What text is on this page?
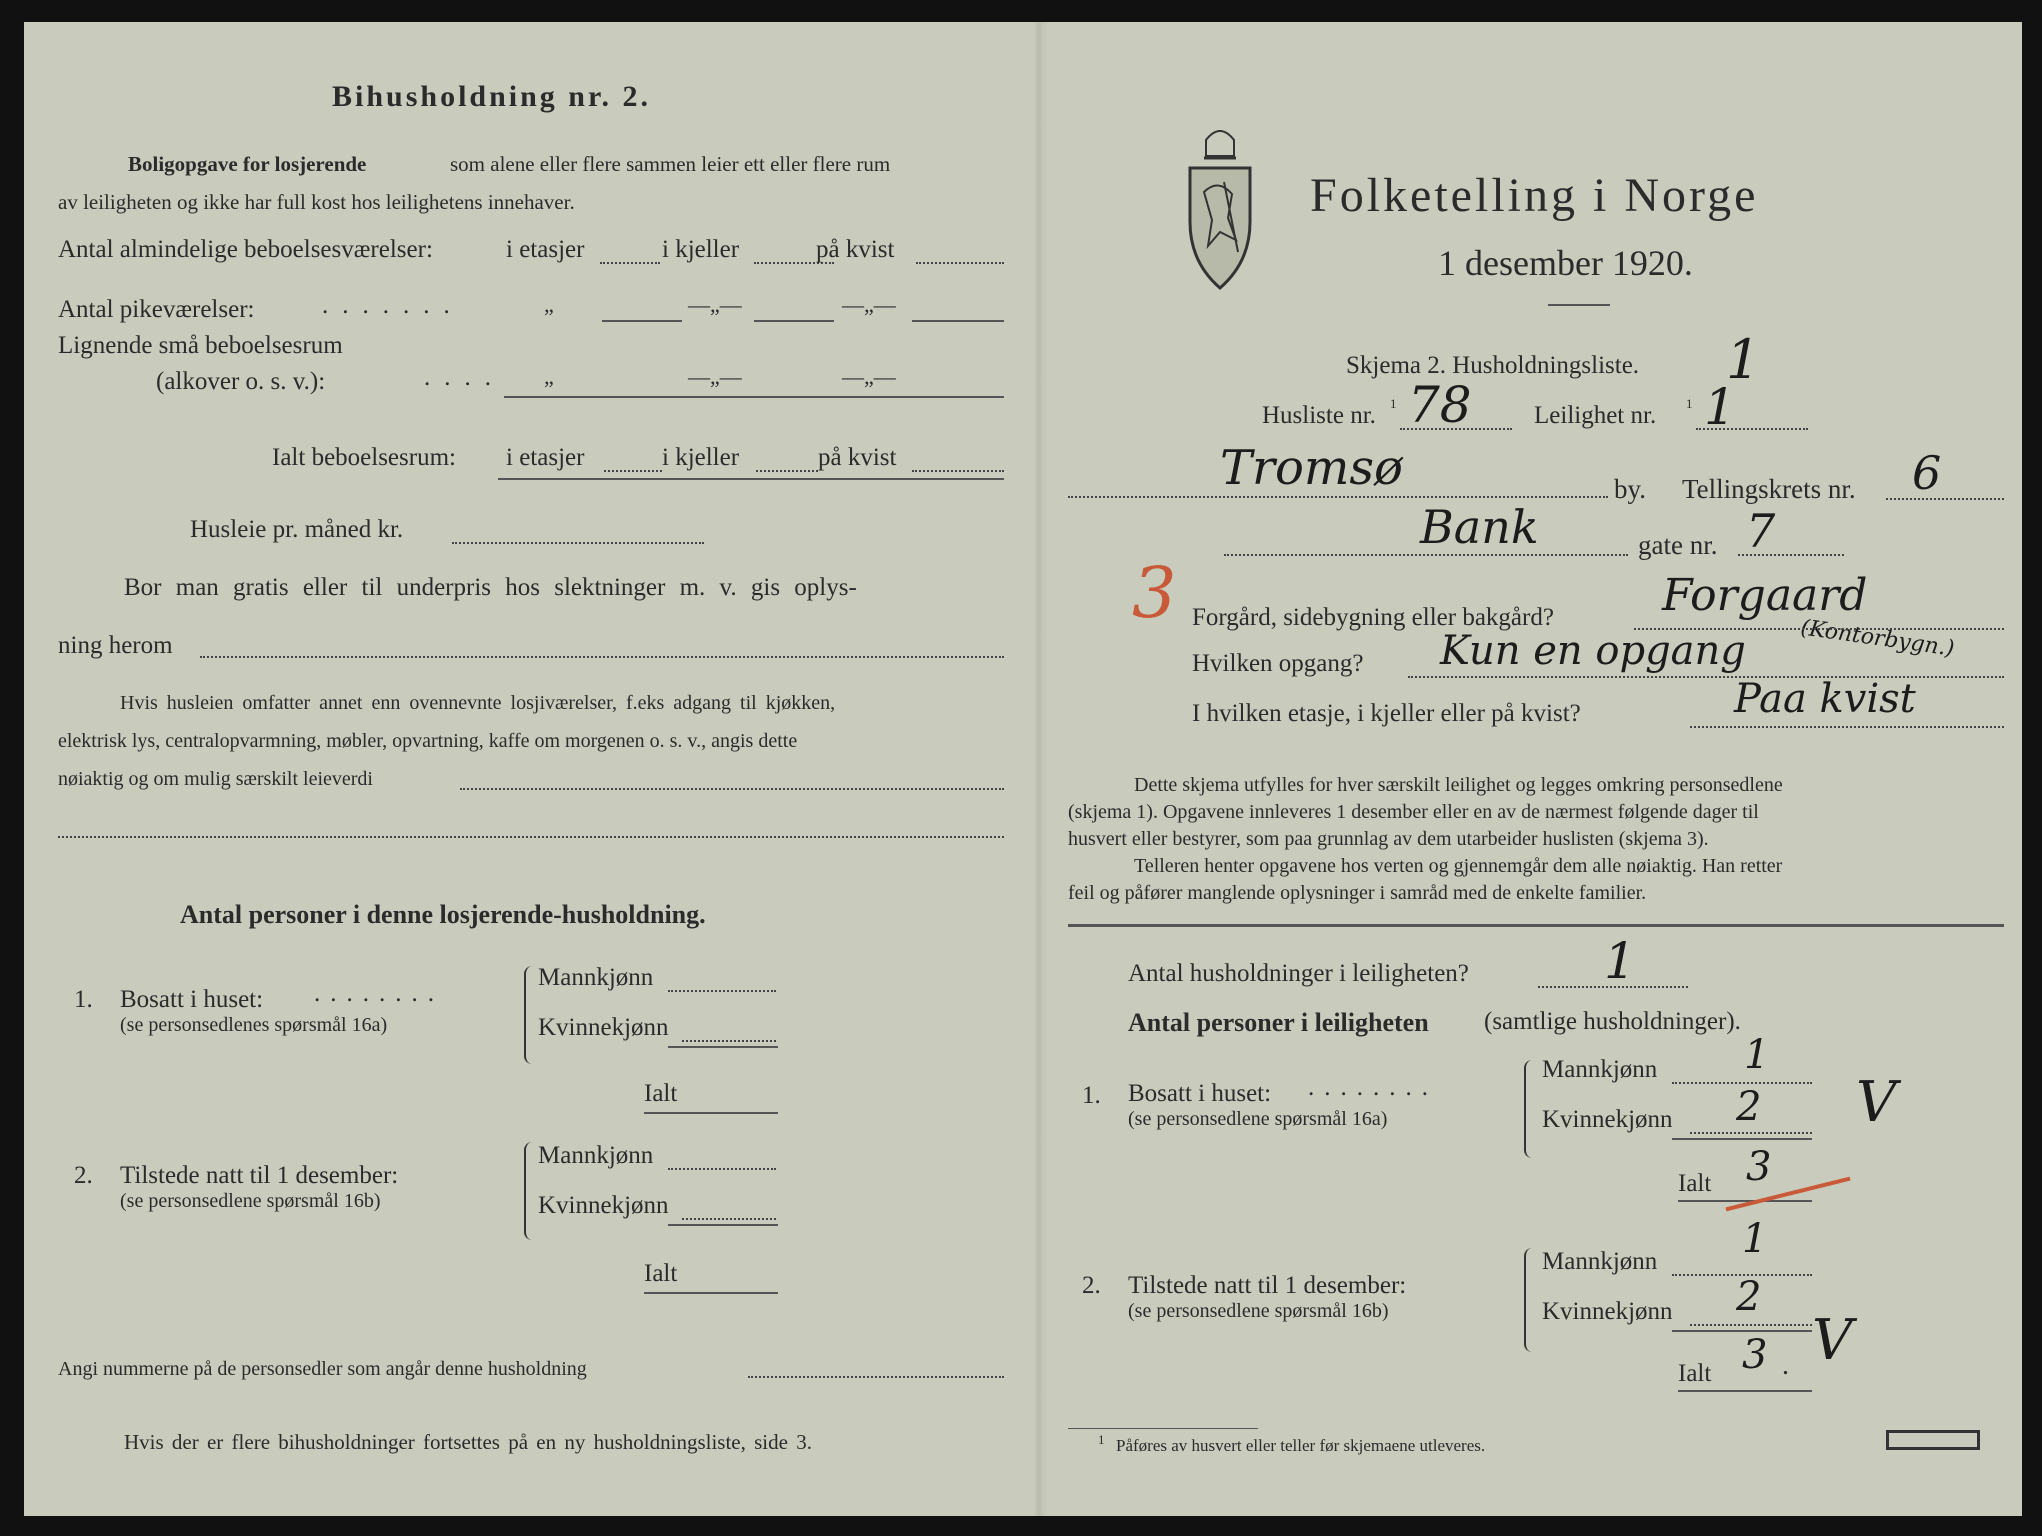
Bihusholdning nr. 2.
Boligopgave for losjerende	som alene eller flere sammen leier ett eller flere rum
av leiligheten og ikke har full kost hos leilighetens innehaver.
Antal almindelige beboelsesværelser:	i etasjer	i kjeller	på kvist
Antal pikeværelser:	.......	„	—„—	—„—
Lignende små beboelsesrum
(alkover o. s. v.):	.... „	—„—	—„—
Ialt beboelsesrum: i etasjer	i kjeller	på kvist
Husleie pr. måned kr.
Bor man gratis eller til underpris hos slektninger m. v. gis oplys-
ning herom
Hvis husleien omfatter annet enn ovennevnte losjiværelser, f.eks adgang til kjøkken,
elektrisk lys, centralopvarmning, møbler, opvartning, kaffe om morgenen o. s. v., angis dette
nøiaktig og om mulig særskilt leieverdi
Antal personer i denne losjerende-husholdning.
1. Bosatt i huset: ........
(se personsedlenes spørsmål 16a)
Mannkjønn
Kvinnekjønn
Ialt
2. Tilstede natt til 1 desember:
(se personsedlene spørsmål 16b)
Mannkjønn
Kvinnekjønn
Ialt
Angi nummerne på de personsedler som angår denne husholdning
Hvis der er flere bihusholdninger fortsettes på en ny husholdningsliste, side 3.
Folketelling i Norge
1 desember 1920.
Skjema 2. Husholdningsliste. 1
Husliste nr. 1 78 Leilighet nr. 1 1
Tromsø	by. Tellingskrets nr. 6
Bank	gate nr. 7
3 Forgård, sidebygning eller bakgård? Forgaard
(Kontorbygn.)
Hvilken opgang? Kun en opgang
I hvilken etasje, i kjeller eller på kvist?	Paa kvist
Dette skjema utfylles for hver særskilt leilighet og legges omkring personsedlene
(skjema 1). Opgavene innleveres 1 desember eller en av de nærmest følgende dager til
husvert eller bestyrer, som paa grunnlag av dem utarbeider huslisten (skjema 3).
Telleren henter opgavene hos verten og gjennemgår dem alle nøiaktig. Han retter
feil og påfører manglende oplysninger i samråd med de enkelte familier.
Antal husholdninger i leiligheten?	1
Antal personer i leiligheten (samtlige husholdninger).
1. Bosatt i huset: ........
(se personsedlene spørsmål 16a)
Mannkjønn 1
Kvinnekjønn 2 V
Ialt 3
2. Tilstede natt til 1 desember:
(se personsedlene spørsmål 16b)
Mannkjønn 1
Kvinnekjønn 2
Ialt 3 . V
1 Påføres av husvert eller teller før skjemaene utleveres.
